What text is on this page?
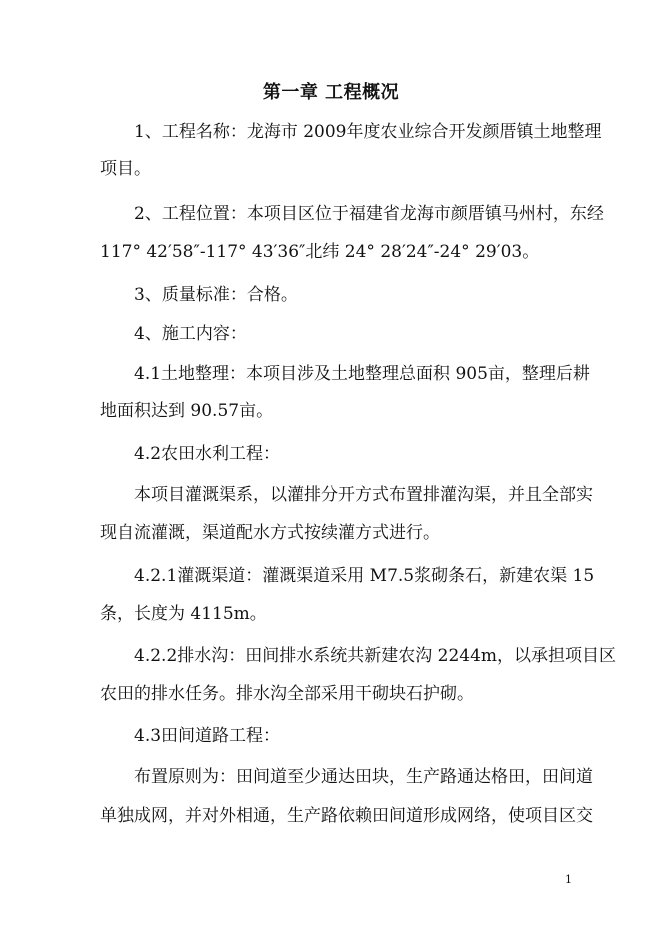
第一章 工程概况
1、工程名称：龙海市 2009年度农业综合开发颜厝镇土地整理
项目。
2、工程位置：本项目区位于福建省龙海市颜厝镇马州村，东经
117° 42′58″-117° 43′36″北纬 24° 28′24″-24° 29′03。
3、质量标准：合格。
4、施工内容：
4.1土地整理：本项目涉及土地整理总面积 905亩，整理后耕
地面积达到 90.57亩。
4.2农田水利工程：
本项目灌溉渠系，以灌排分开方式布置排灌沟渠，并且全部实
现自流灌溉，渠道配水方式按续灌方式进行。
4.2.1灌溉渠道：灌溉渠道采用 M7.5浆砌条石，新建农渠 15
条，长度为 4115m。
4.2.2排水沟：田间排水系统共新建农沟 2244m，以承担项目区
农田的排水任务。排水沟全部采用干砌块石护砌。
4.3田间道路工程：
布置原则为：田间道至少通达田块，生产路通达格田，田间道
单独成网，并对外相通，生产路依赖田间道形成网络，使项目区交
1
